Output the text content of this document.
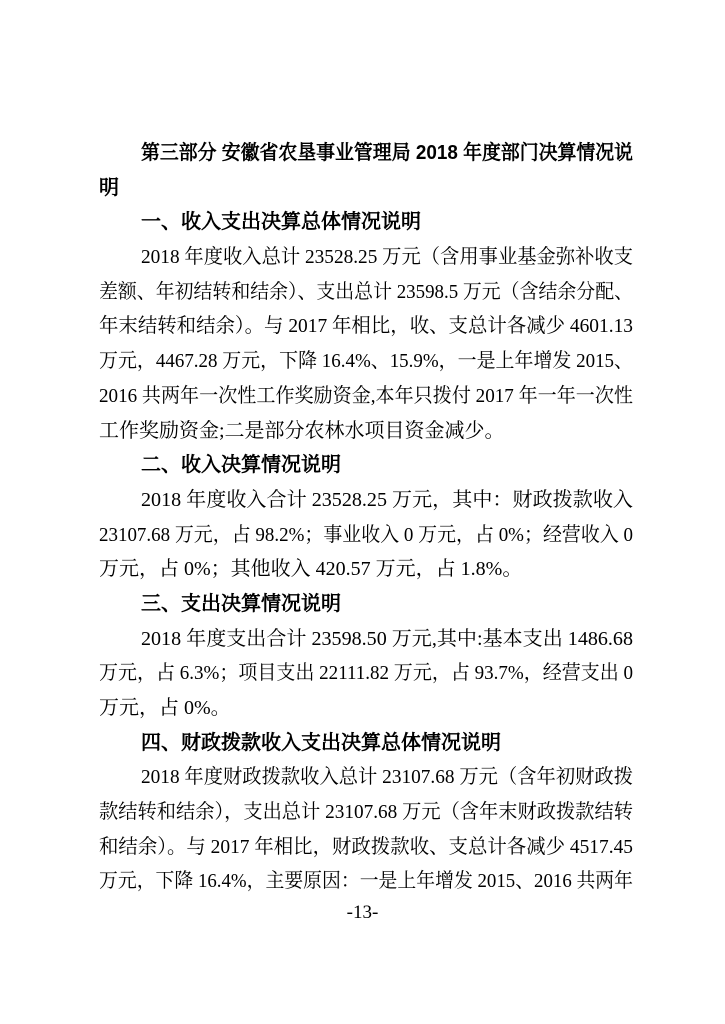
第三部分 安徽省农垦事业管理局 2018 年度部门决算情况说
明
一、收入支出决算总体情况说明
2018 年度收入总计 23528.25 万元（含用事业基金弥补收支
差额、年初结转和结余）、支出总计 23598.5 万元（含结余分配、
年末结转和结余）。与 2017 年相比，收、支总计各减少 4601.13
万元，4467.28 万元，下降 16.4%、15.9%，一是上年增发 2015、
2016 共两年一次性工作奖励资金,本年只拨付 2017 年一年一次性
工作奖励资金;二是部分农林水项目资金减少。
二、收入决算情况说明
2018 年度收入合计 23528.25 万元，其中：财政拨款收入
23107.68 万元，占 98.2%；事业收入 0 万元，占 0%；经营收入 0
万元，占 0%；其他收入 420.57 万元，占 1.8%。
三、支出决算情况说明
2018 年度支出合计 23598.50 万元,其中:基本支出 1486.68
万元，占 6.3%；项目支出 22111.82 万元，占 93.7%，经营支出 0
万元，占 0%。
四、财政拨款收入支出决算总体情况说明
2018 年度财政拨款收入总计 23107.68 万元（含年初财政拨
款结转和结余），支出总计 23107.68 万元（含年末财政拨款结转
和结余）。与 2017 年相比，财政拨款收、支总计各减少 4517.45
万元，下降 16.4%，主要原因：一是上年增发 2015、2016 共两年
-13-
